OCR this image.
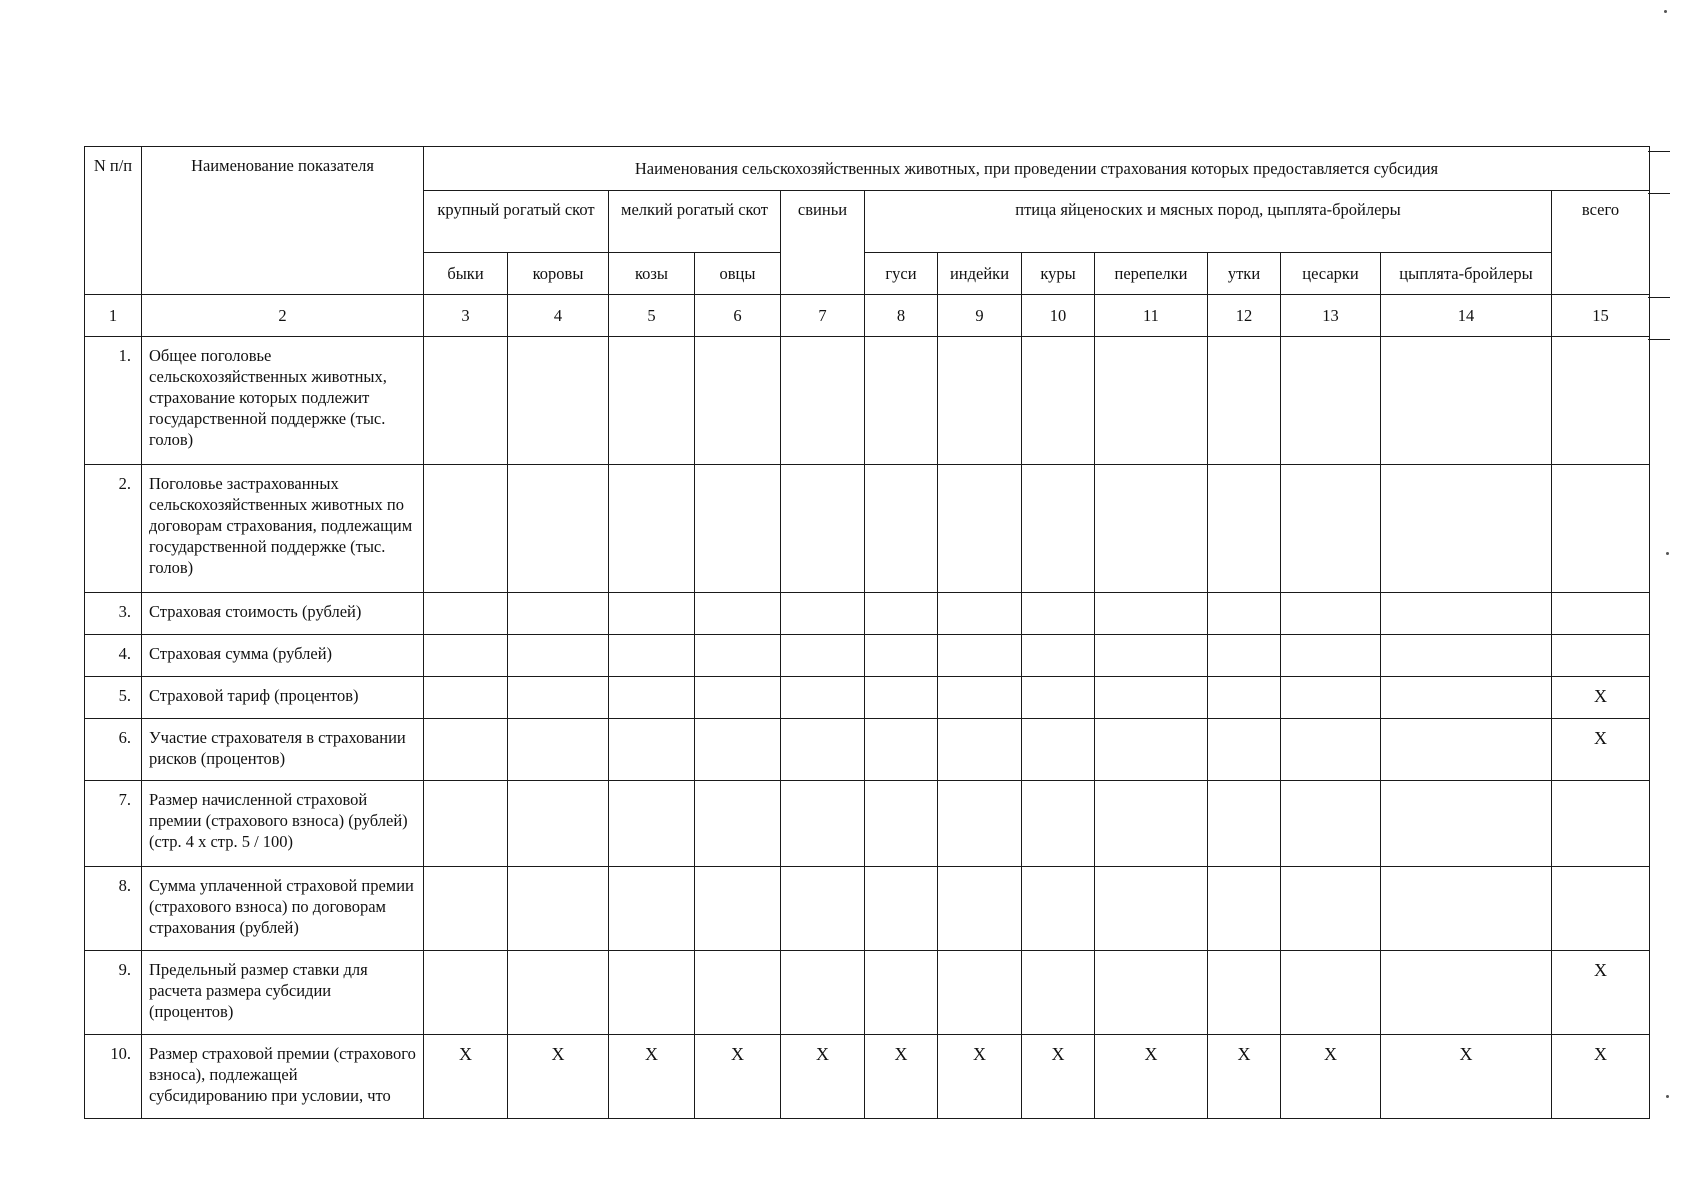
N п/п	Наименование показателя	Наименования сельскохозяйственных животных, при проведении страхования которых предоставляется субсидия												
		крупный рогатый скот		мелкий рогатый скот		свиньи	птица яйценоских и мясных пород, цыплята-бройлеры							всего
		быки	коровы	козы	овцы		гуси	индейки	куры	перепелки	утки	цесарки	цыплята-бройлеры	
1	2	3	4	5	6	7	8	9	10	11	12	13	14	15
1.	Общее поголовье сельскохозяйственных животных, страхование которых подлежит государственной поддержке (тыс. голов)													
2.	Поголовье застрахованных сельскохозяйственных животных по договорам страхования, подлежащим государственной поддержке (тыс. голов)													
3.	Страховая стоимость (рублей)													
4.	Страховая сумма (рублей)													
5.	Страховой тариф (процентов)													X
6.	Участие страхователя в страховании рисков (процентов)													X
7.	Размер начисленной страховой премии (страхового взноса) (рублей) (стр. 4 x стр. 5 / 100)													
8.	Сумма уплаченной страховой премии (страхового взноса) по договорам страхования (рублей)													
9.	Предельный размер ставки для расчета размера субсидии (процентов)													X
10.	Размер страховой премии (страхового взноса), подлежащей субсидированию при условии, что	X	X	X	X	X	X	X	X	X	X	X	X	X
